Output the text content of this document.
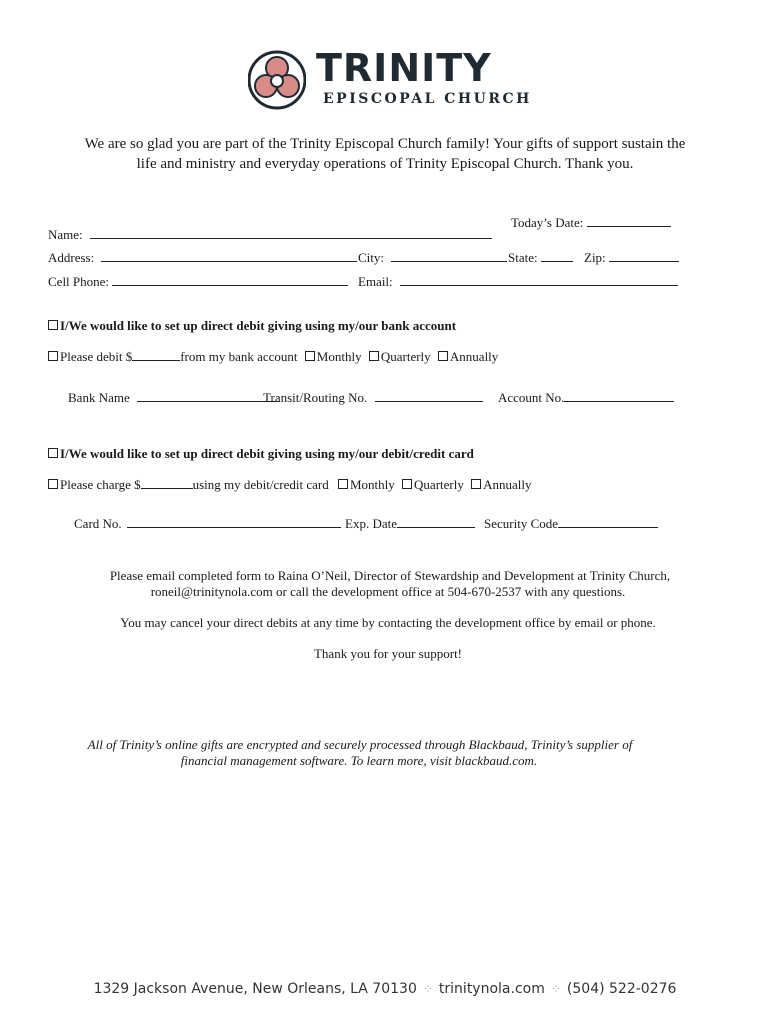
TRINITY
EPISCOPAL CHURCH
We are so glad you are part of the Trinity Episcopal Church family! Your gifts of support sustain the
life and ministry and everyday operations of Trinity Episcopal Church. Thank you.
Today’s Date:
Name:
Address:	City:	State:	Zip:
Cell Phone:	Email:
I/We would like to set up direct debit giving using my/our bank account
Please debit $	from my bank account Monthly Quarterly Annually
Bank Name	Transit/Routing No.	Account No.
I/We would like to set up direct debit giving using my/our debit/credit card
Please charge $	using my debit/credit card Monthly Quarterly Annually
Card No.	Exp. Date	Security Code
Please email completed form to Raina O’Neil, Director of Stewardship and Development at Trinity Church,
roneil@trinitynola.com or call the development office at 504-670-2537 with any questions.
You may cancel your direct debits at any time by contacting the development office by email or phone.
Thank you for your support!
All of Trinity’s online gifts are encrypted and securely processed through Blackbaud, Trinity’s supplier of
financial management software. To learn more, visit blackbaud.com.
1329 Jackson Avenue, New Orleans, LA 70130 ⁘ trinitynola.com ⁘ (504) 522-0276
